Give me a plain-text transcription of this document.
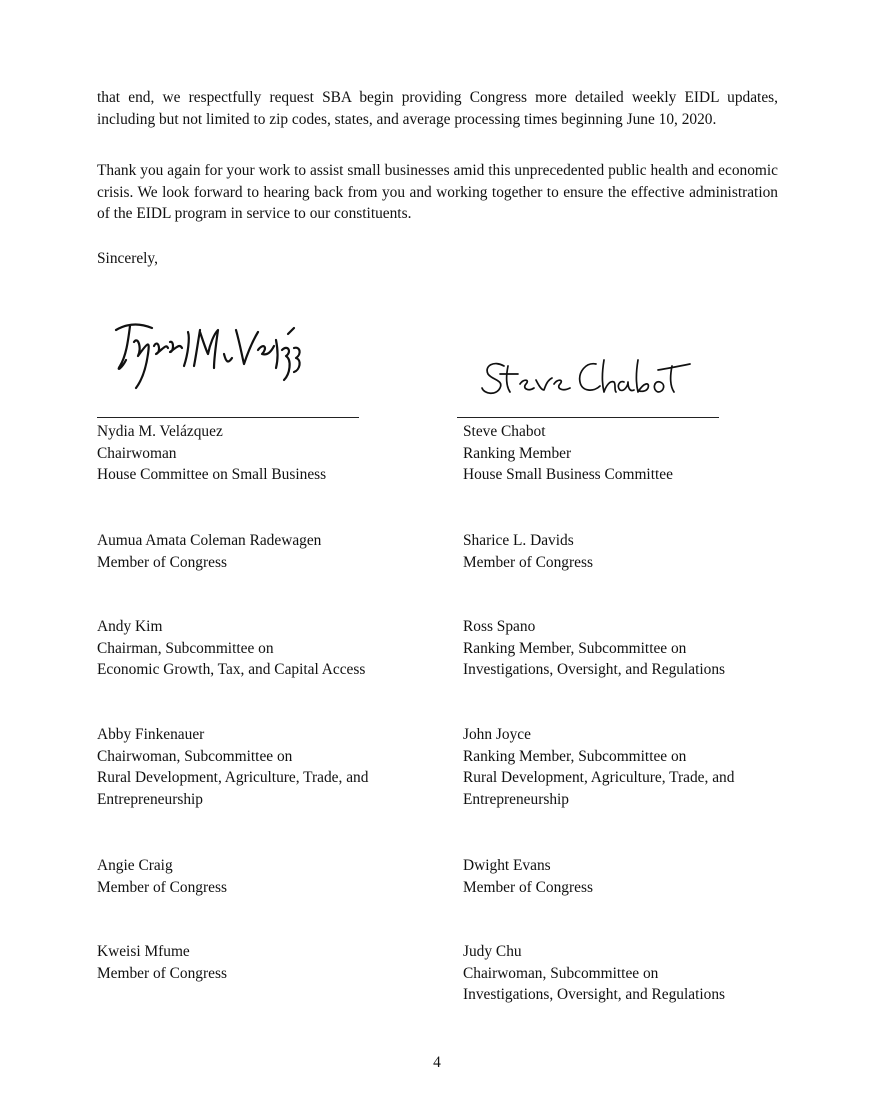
that end, we respectfully request SBA begin providing Congress more detailed weekly EIDL updates, including but not limited to zip codes, states, and average processing times beginning June 10, 2020.

Thank you again for your work to assist small businesses amid this unprecedented public health and economic crisis. We look forward to hearing back from you and working together to ensure the effective administration of the EIDL program in service to our constituents.

Sincerely,
Nydia M. Velázquez
Chairwoman
House Committee on Small Business
Steve Chabot
Ranking Member
House Small Business Committee
Aumua Amata Coleman Radewagen
Member of Congress
Sharice L. Davids
Member of Congress
Andy Kim
Chairman, Subcommittee on
Economic Growth, Tax, and Capital Access
Ross Spano
Ranking Member, Subcommittee on
Investigations, Oversight, and Regulations
Abby Finkenauer
Chairwoman, Subcommittee on
Rural Development, Agriculture, Trade, and
Entrepreneurship
John Joyce
Ranking Member, Subcommittee on
Rural Development, Agriculture, Trade, and
Entrepreneurship
Angie Craig
Member of Congress
Dwight Evans
Member of Congress
Kweisi Mfume
Member of Congress
Judy Chu
Chairwoman, Subcommittee on
Investigations, Oversight, and Regulations
4
